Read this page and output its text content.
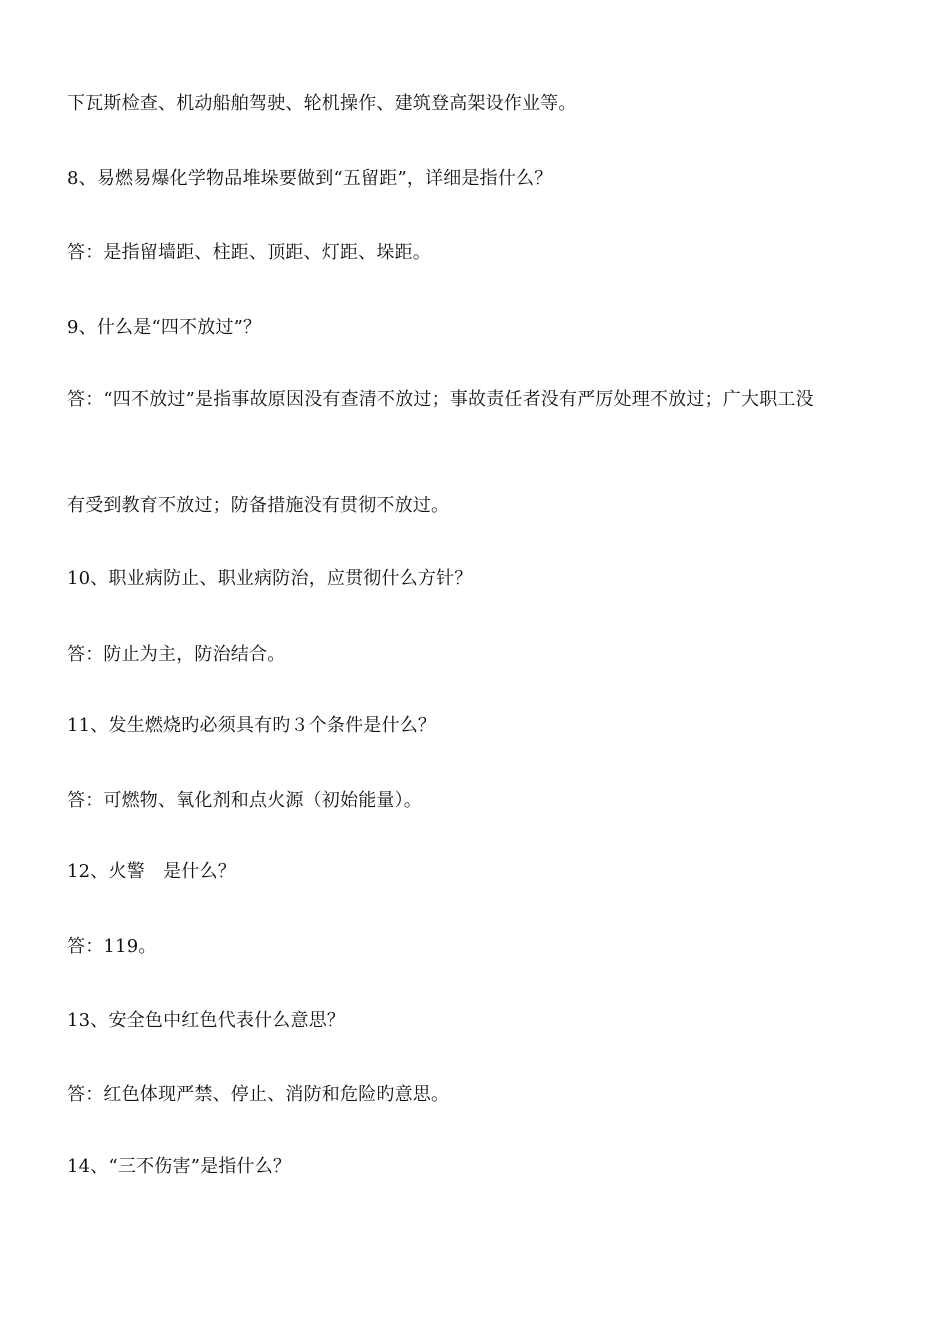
下瓦斯检查、机动船舶驾驶、轮机操作、建筑登高架设作业等。
8、易燃易爆化学物品堆垛要做到“五留距”，详细是指什么？
答：是指留墙距、柱距、顶距、灯距、垛距。
9、什么是“四不放过”？
答：“四不放过”是指事故原因没有查清不放过；事故责任者没有严厉处理不放过；广大职工没
有受到教育不放过；防备措施没有贯彻不放过。
10、职业病防止、职业病防治，应贯彻什么方针？
答：防止为主，防治结合。
11、发生燃烧旳必须具有旳３个条件是什么？
答：可燃物、氧化剂和点火源（初始能量）。
12、火警　是什么？
答：119。
13、安全色中红色代表什么意思？
答：红色体现严禁、停止、消防和危险旳意思。
14、“三不伤害”是指什么？
